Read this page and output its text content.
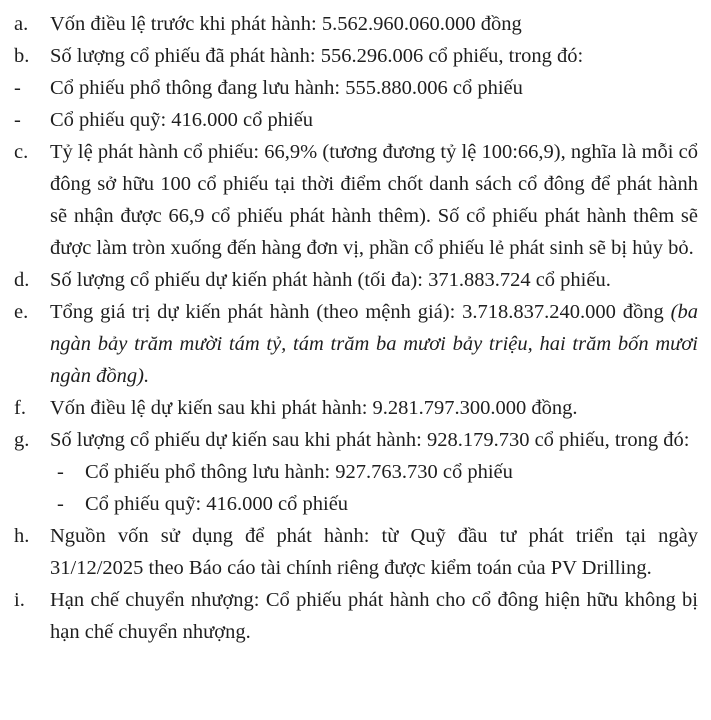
a.	Vốn điều lệ trước khi phát hành: 5.562.960.060.000 đồng
b.	Số lượng cổ phiếu đã phát hành: 556.296.006 cổ phiếu, trong đó:
-	Cổ phiếu phổ thông đang lưu hành: 555.880.006 cổ phiếu
-	Cổ phiếu quỹ: 416.000 cổ phiếu
c.	Tỷ lệ phát hành cổ phiếu: 66,9% (tương đương tỷ lệ 100:66,9), nghĩa là mỗi cổ đông sở hữu 100 cổ phiếu tại thời điểm chốt danh sách cổ đông để phát hành sẽ nhận được 66,9 cổ phiếu phát hành thêm). Số cổ phiếu phát hành thêm sẽ được làm tròn xuống đến hàng đơn vị, phần cổ phiếu lẻ phát sinh sẽ bị hủy bỏ.
d.	Số lượng cổ phiếu dự kiến phát hành (tối đa): 371.883.724 cổ phiếu.
e.	Tổng giá trị dự kiến phát hành (theo mệnh giá): 3.718.837.240.000 đồng (ba ngàn bảy trăm mười tám tỷ, tám trăm ba mươi bảy triệu, hai trăm bốn mươi ngàn đồng).
f.	Vốn điều lệ dự kiến sau khi phát hành: 9.281.797.300.000 đồng.
g.	Số lượng cổ phiếu dự kiến sau khi phát hành: 928.179.730 cổ phiếu, trong đó:
-	Cổ phiếu phổ thông lưu hành: 927.763.730 cổ phiếu
-	Cổ phiếu quỹ: 416.000 cổ phiếu
h.	Nguồn vốn sử dụng để phát hành: từ Quỹ đầu tư phát triển tại ngày 31/12/2025 theo Báo cáo tài chính riêng được kiểm toán của PV Drilling.
i.	Hạn chế chuyển nhượng: Cổ phiếu phát hành cho cổ đông hiện hữu không bị hạn chế chuyển nhượng.
